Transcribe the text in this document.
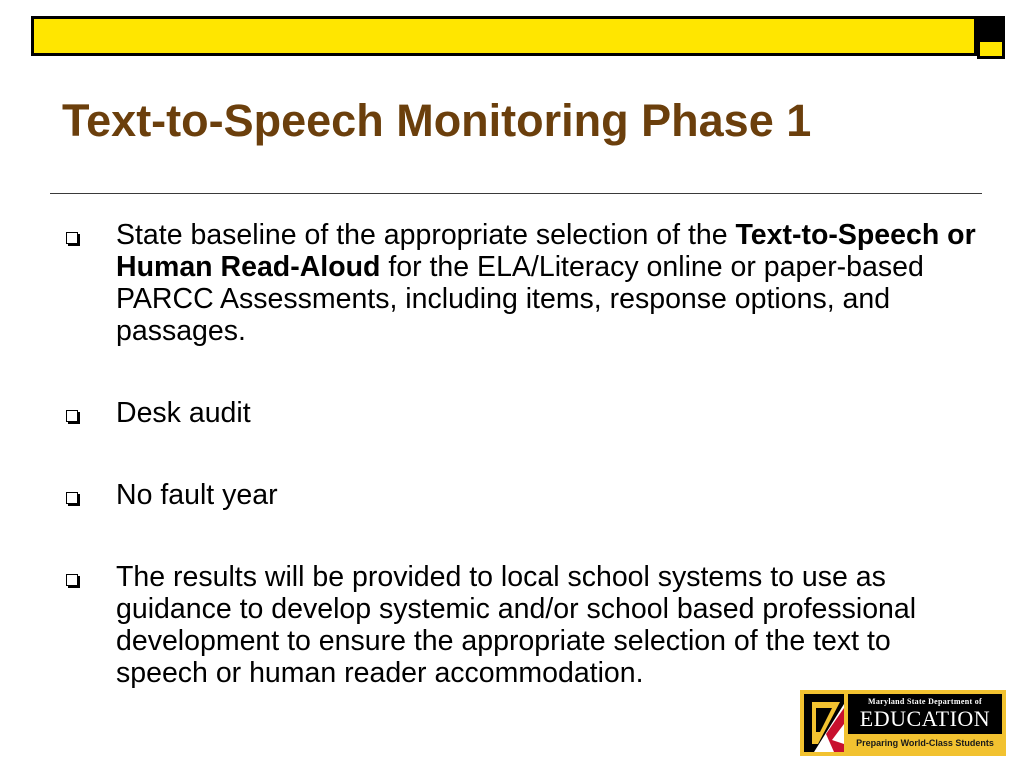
Text-to-Speech Monitoring Phase 1
State baseline of the appropriate selection of the Text-to-Speech or Human Read-Aloud for the ELA/Literacy online or paper-based PARCC Assessments, including items, response options, and passages.
Desk audit
No fault year
The results will be provided to local school systems to use as guidance to develop systemic and/or school based professional development to ensure the appropriate selection of the text to speech or human reader accommodation.
Maryland State Department of
EDUCATION
Preparing World-Class Students
